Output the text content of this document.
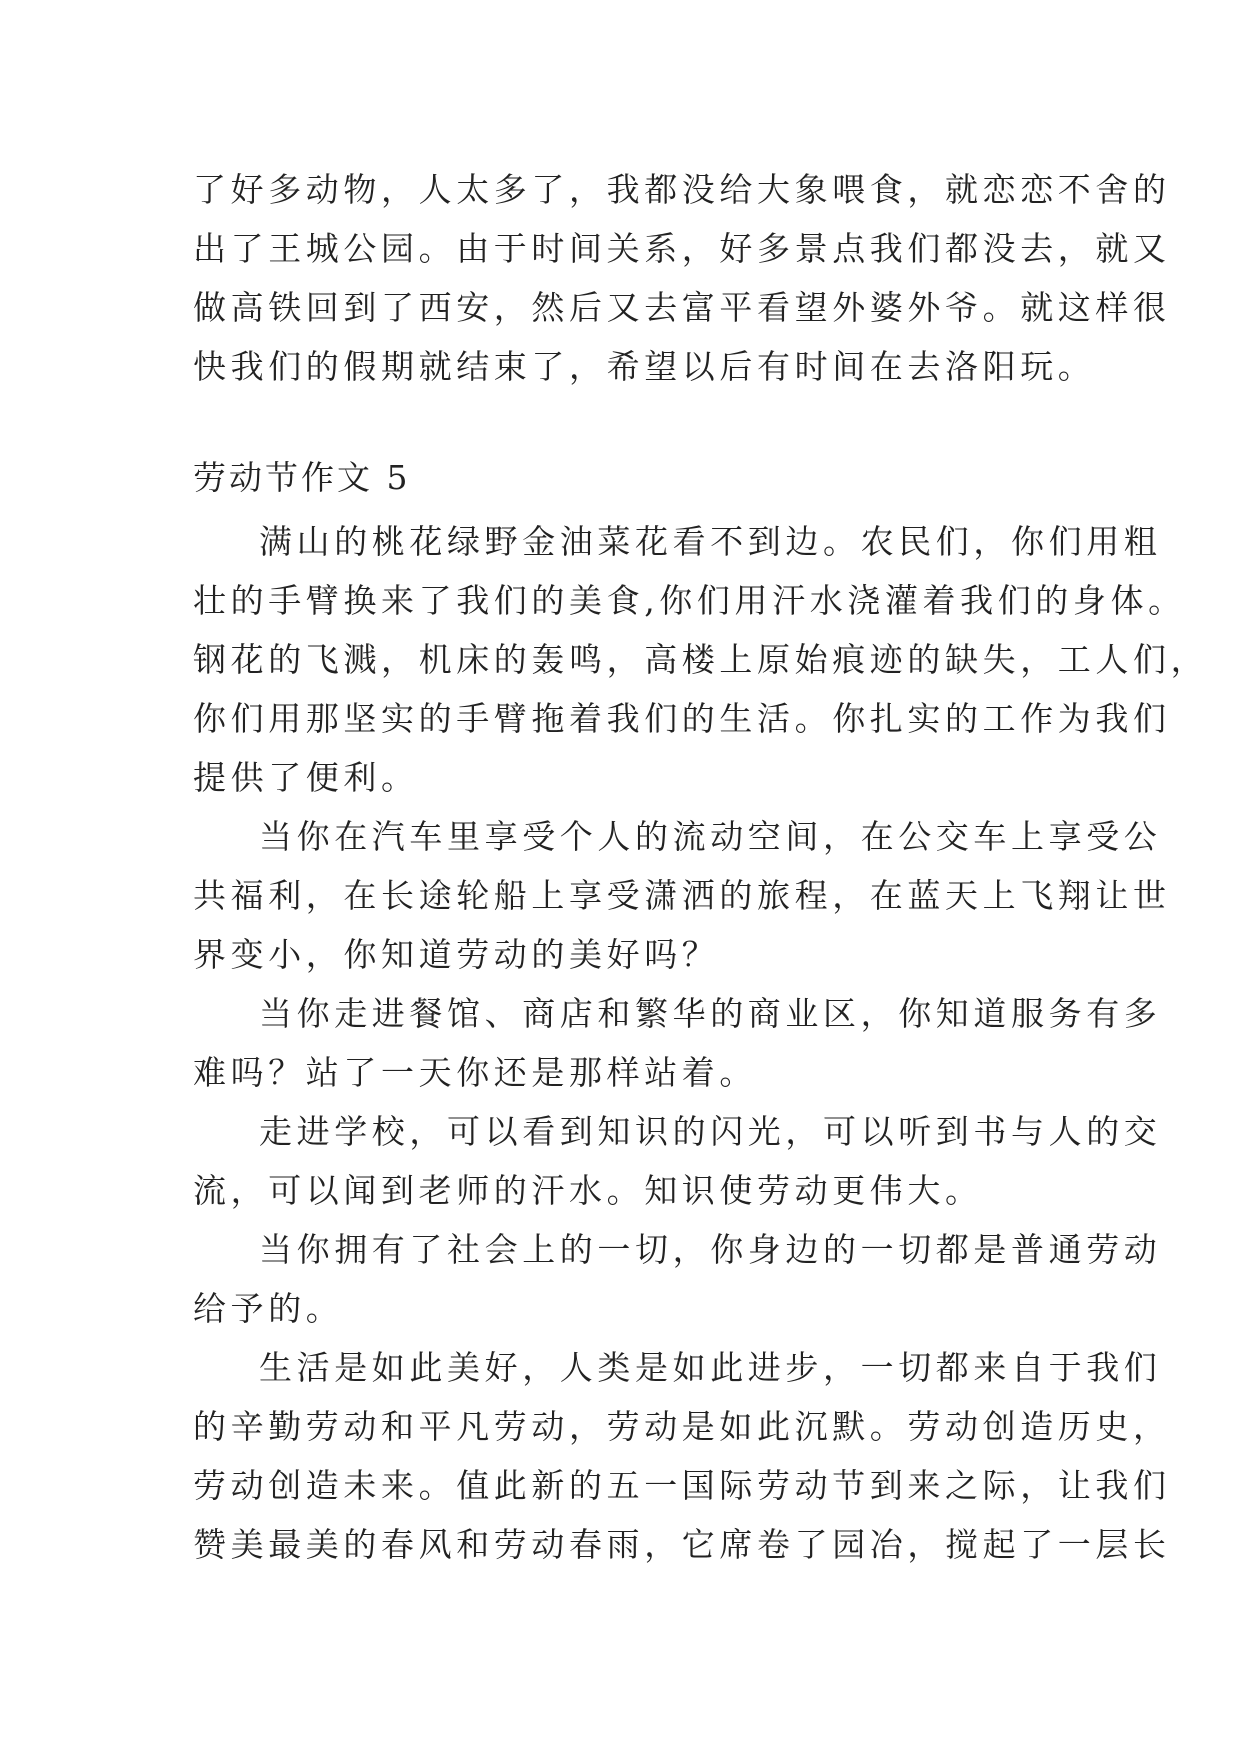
了好多动物，人太多了，我都没给大象喂食，就恋恋不舍的
出了王城公园。由于时间关系，好多景点我们都没去，就又
做高铁回到了西安，然后又去富平看望外婆外爷。就这样很
快我们的假期就结束了，希望以后有时间在去洛阳玩。
劳动节作文 5
满山的桃花绿野金油菜花看不到边。农民们，你们用粗
壮的手臂换来了我们的美食,你们用汗水浇灌着我们的身体。
钢花的飞溅，机床的轰鸣，高楼上原始痕迹的缺失，工人们，
你们用那坚实的手臂拖着我们的生活。你扎实的工作为我们
提供了便利。
当你在汽车里享受个人的流动空间，在公交车上享受公
共福利，在长途轮船上享受潇洒的旅程，在蓝天上飞翔让世
界变小，你知道劳动的美好吗？
当你走进餐馆、商店和繁华的商业区，你知道服务有多
难吗？站了一天你还是那样站着。
走进学校，可以看到知识的闪光，可以听到书与人的交
流，可以闻到老师的汗水。知识使劳动更伟大。
当你拥有了社会上的一切，你身边的一切都是普通劳动
给予的。
生活是如此美好，人类是如此进步，一切都来自于我们
的辛勤劳动和平凡劳动，劳动是如此沉默。劳动创造历史，
劳动创造未来。值此新的五一国际劳动节到来之际，让我们
赞美最美的春风和劳动春雨，它席卷了园冶，搅起了一层长
